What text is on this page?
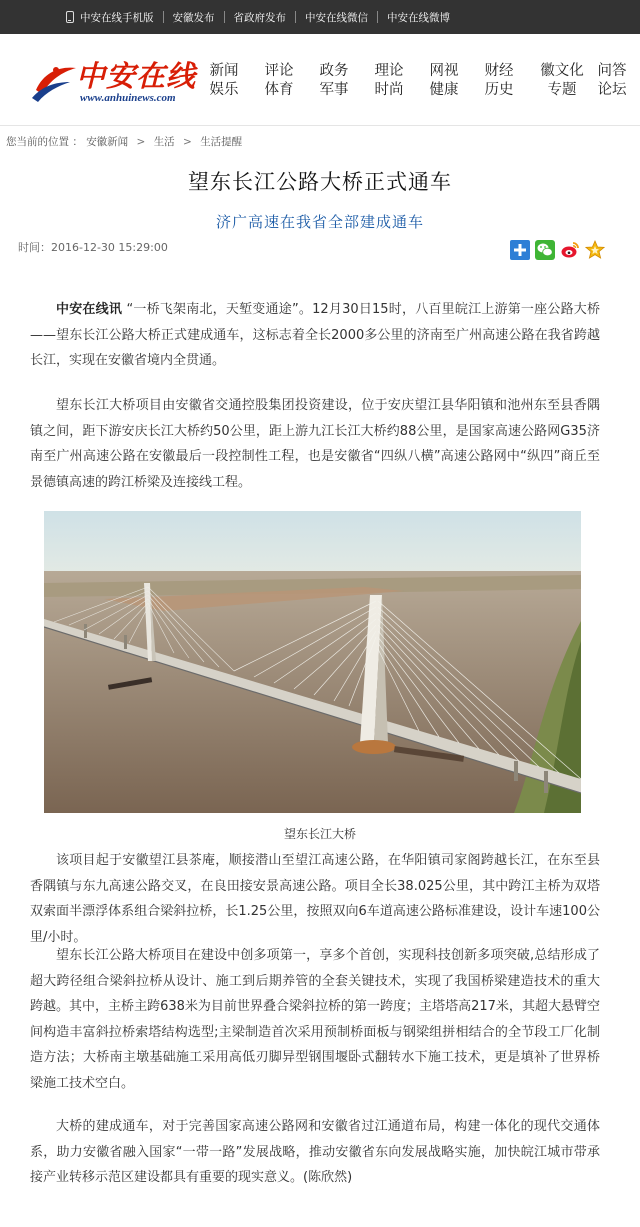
中安在线手机版 安徽发布 省政府发布 中安在线微信 中安在线微博
中安在线
www.anhuinews.com
新闻
娱乐
评论
体育
政务
军事
理论
时尚
网视
健康
财经
历史
徽文化
专题
问答
论坛
您当前的位置 ： 安徽新闻 > 生活 > 生活提醒
望东长江公路大桥正式通车
济广高速在我省全部建成通车
时间：2016-12-30 15:29:00
中安在线讯 “一桥飞架南北，天堑变通途”。12月30日15时，八百里皖江上游第一座公路大桥——望东长江公路大桥正式建成通车，这标志着全长2000多公里的济南至广州高速公路在我省跨越长江，实现在安徽省境内全贯通。
望东长江大桥项目由安徽省交通控股集团投资建设，位于安庆望江县华阳镇和池州东至县香隅镇之间，距下游安庆长江大桥约50公里，距上游九江长江大桥约88公里，是国家高速公路网G35济南至广州高速公路在安徽最后一段控制性工程，也是安徽省“四纵八横”高速公路网中“纵四”商丘至景德镇高速的跨江桥梁及连接线工程。
望东长江大桥
该项目起于安徽望江县茶庵，顺接潜山至望江高速公路，在华阳镇司家阁跨越长江，在东至县香隅镇与东九高速公路交叉，在良田接安景高速公路。项目全长38.025公里，其中跨江主桥为双塔双索面半漂浮体系组合梁斜拉桥，长1.25公里，按照双向6车道高速公路标准建设，设计车速100公里/小时。
望东长江公路大桥项目在建设中创多项第一，享多个首创，实现科技创新多项突破,总结形成了超大跨径组合梁斜拉桥从设计、施工到后期养管的全套关键技术，实现了我国桥梁建造技术的重大跨越。其中，主桥主跨638米为目前世界叠合梁斜拉桥的第一跨度；主塔塔高217米，其超大悬臂空间构造丰富斜拉桥索塔结构选型;主梁制造首次采用预制桥面板与钢梁组拼相结合的全节段工厂化制造方法；大桥南主墩基础施工采用高低刃脚异型钢围堰卧式翻转水下施工技术，更是填补了世界桥梁施工技术空白。
大桥的建成通车，对于完善国家高速公路网和安徽省过江通道布局，构建一体化的现代交通体系，助力安徽省融入国家“一带一路”发展战略，推动安徽省东向发展战略实施，加快皖江城市带承接产业转移示范区建设都具有重要的现实意义。(陈欣然)
